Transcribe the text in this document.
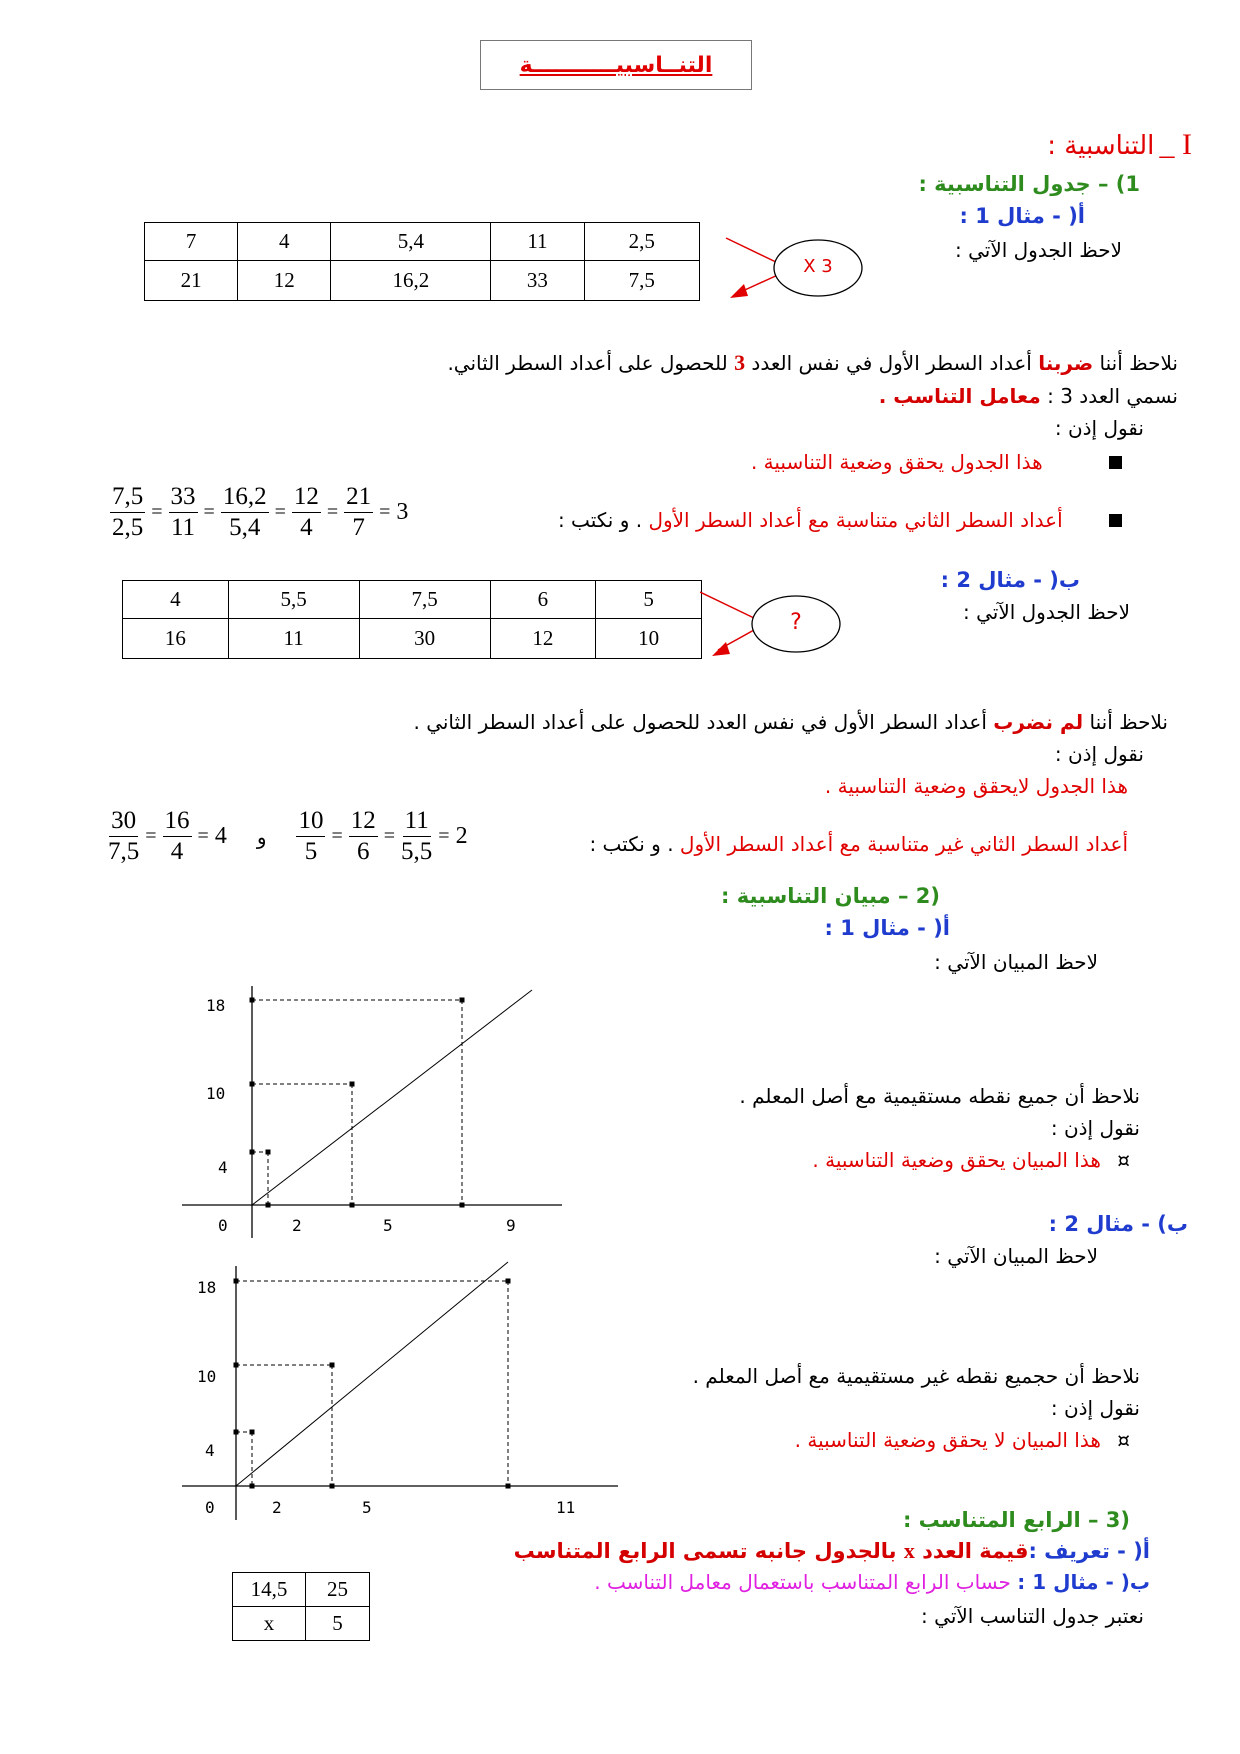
التنــاسبيـــــــــــة
I _ التناسبية :
1) – جدول التناسبية :
أ( - مثال 1 :
لاحظ الجدول الآتي :
7	4	5,4	11	2,5
21	12	16,2	33	7,5
X 3
نلاحظ أننا ضربنا أعداد السطر الأول في نفس العدد 3 للحصول على أعداد السطر الثاني.
نسمي العدد 3 : معامل التناسب .
نقول إذن :
هذا الجدول يحقق وضعية التناسبية .
أعداد السطر الثاني متناسبة مع أعداد السطر الأول . و نكتب :
$\frac{7,5}{2,5} = \frac{33}{11} = \frac{16,2}{5,4} = \frac{12}{4} = \frac{21}{7} = 3$
ب( - مثال 2 :
لاحظ الجدول الآتي :
4	5,5	7,5	6	5
16	11	30	12	10
?
نلاحظ أننا لم نضرب أعداد السطر الأول في نفس العدد للحصول على أعداد السطر الثاني .
نقول إذن :
هذا الجدول لايحقق وضعية التناسبية .
أعداد السطر الثاني غير متناسبة مع أعداد السطر الأول . و نكتب :
$\frac{30}{7,5} = \frac{16}{4} = 4$ و $\frac{10}{5} = \frac{12}{6} = \frac{11}{5,5} = 2$
(2 – مبيان التناسبية :
أ( - مثال 1 :
لاحظ المبيان الآتي :
18
10
4
0	2	5	9
نلاحظ أن جميع نقطه مستقيمية مع أصل المعلم .
نقول إذن :
¤ هذا المبيان يحقق وضعية التناسبية .
ب) - مثال 2 :
لاحظ المبيان الآتي :
18
10
4
0	2	5	11
نلاحظ أن حجميع نقطه غير مستقيمية مع أصل المعلم .
نقول إذن :
¤ هذا المبيان لا يحقق وضعية التناسبية .
(3 – الرابع المتناسب :
أ( - تعريف :قيمة العدد x بالجدول جانبه تسمى الرابع المتناسب
ب( - مثال 1 : حساب الرابع المتناسب باستعمال معامل التناسب .
نعتبر جدول التناسب الآتي :
14,5	25
x	5
